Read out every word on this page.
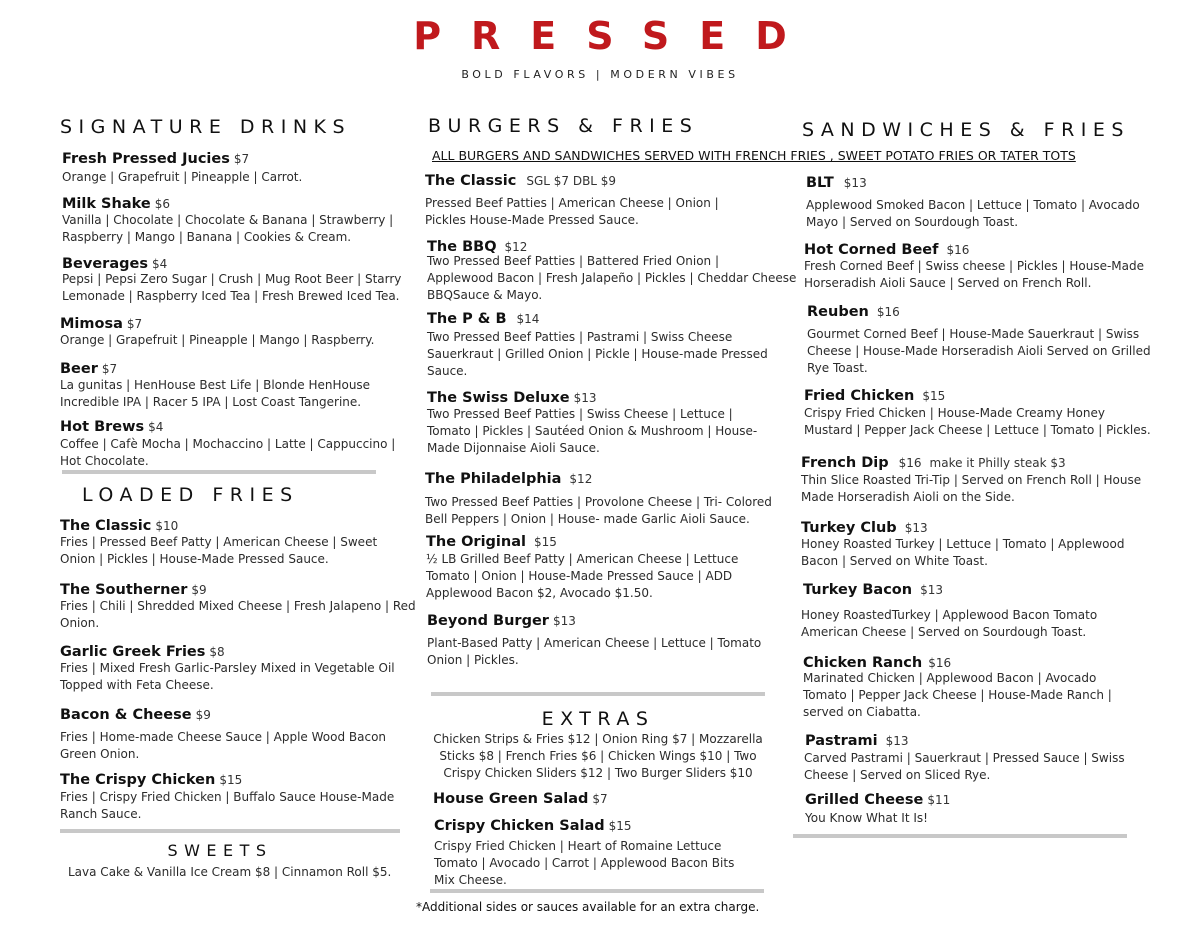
PRESSED
BOLD FLAVORS | MODERN VIBES
SIGNATURE DRINKS
Fresh Pressed Jucies $7
Orange | Grapefruit | Pineapple | Carrot.
Milk Shake $6
Vanilla | Chocolate | Chocolate & Banana | Strawberry |
Raspberry | Mango | Banana | Cookies & Cream.
Beverages $4
Pepsi | Pepsi Zero Sugar | Crush | Mug Root Beer | Starry
Lemonade | Raspberry Iced Tea | Fresh Brewed Iced Tea.
Mimosa $7
Orange | Grapefruit | Pineapple | Mango | Raspberry.
Beer $7
La gunitas | HenHouse Best Life | Blonde HenHouse
Incredible IPA | Racer 5 IPA | Lost Coast Tangerine.
Hot Brews $4
Coffee | Cafѐ Mocha | Mochaccino | Latte | Cappuccino |
Hot Chocolate.
LOADED FRIES
The Classic $10
Fries | Pressed Beef Patty | American Cheese | Sweet
Onion | Pickles | House-Made Pressed Sauce.
The Southerner $9
Fries | Chili | Shredded Mixed Cheese | Fresh Jalapeno | Red
Onion.
Garlic Greek Fries $8
Fries | Mixed Fresh Garlic-Parsley Mixed in Vegetable Oil
Topped with Feta Cheese.
Bacon & Cheese $9
Fries | Home-made Cheese Sauce | Apple Wood Bacon
Green Onion.
The Crispy Chicken $15
Fries | Crispy Fried Chicken | Buffalo Sauce House-Made
Ranch Sauce.
SWEETS
Lava Cake & Vanilla Ice Cream $8 | Cinnamon Roll $5.
BURGERS & FRIES
ALL BURGERS AND SANDWICHES SERVED WITH FRENCH FRIES , SWEET POTATO FRIES OR TATER TOTS
The Classic SGL $7 DBL $9
Pressed Beef Patties | American Cheese | Onion |
Pickles House-Made Pressed Sauce.
The BBQ $12
Two Pressed Beef Patties | Battered Fried Onion |
Applewood Bacon | Fresh Jalapeño | Pickles | Cheddar Cheese
BBQSauce & Mayo.
The P & B $14
Two Pressed Beef Patties | Pastrami | Swiss Cheese
Sauerkraut | Grilled Onion | Pickle | House-made Pressed
Sauce.
The Swiss Deluxe $13
Two Pressed Beef Patties | Swiss Cheese | Lettuce |
Tomato | Pickles | Sautéed Onion & Mushroom | House-
Made Dijonnaise Aioli Sauce.
The Philadelphia $12
Two Pressed Beef Patties | Provolone Cheese | Tri- Colored
Bell Peppers | Onion | House- made Garlic Aioli Sauce.
The Original $15
½ LB Grilled Beef Patty | American Cheese | Lettuce
Tomato | Onion | House-Made Pressed Sauce | ADD
Applewood Bacon $2, Avocado $1.50.
Beyond Burger $13
Plant-Based Patty | American Cheese | Lettuce | Tomato
Onion | Pickles.
EXTRAS
Chicken Strips & Fries $12 | Onion Ring $7 | Mozzarella
Sticks $8 | French Fries $6 | Chicken Wings $10 | Two
Crispy Chicken Sliders $12 | Two Burger Sliders $10
House Green Salad $7
Crispy Chicken Salad $15
Crispy Fried Chicken | Heart of Romaine Lettuce
Tomato | Avocado | Carrot | Applewood Bacon Bits
Mix Cheese.
*Additional sides or sauces available for an extra charge.
SANDWICHES & FRIES
BLT $13
Applewood Smoked Bacon | Lettuce | Tomato | Avocado
Mayo | Served on Sourdough Toast.
Hot Corned Beef $16
Fresh Corned Beef | Swiss cheese | Pickles | House-Made
Horseradish Aioli Sauce | Served on French Roll.
Reuben $16
Gourmet Corned Beef | House-Made Sauerkraut | Swiss
Cheese | House-Made Horseradish Aioli Served on Grilled
Rye Toast.
Fried Chicken $15
Crispy Fried Chicken | House-Made Creamy Honey
Mustard | Pepper Jack Cheese | Lettuce | Tomato | Pickles.
French Dip $16 make it Philly steak $3
Thin Slice Roasted Tri-Tip | Served on French Roll | House
Made Horseradish Aioli on the Side.
Turkey Club $13
Honey Roasted Turkey | Lettuce | Tomato | Applewood
Bacon | Served on White Toast.
Turkey Bacon $13
Honey RoastedTurkey | Applewood Bacon Tomato
American Cheese | Served on Sourdough Toast.
Chicken Ranch $16
Marinated Chicken | Applewood Bacon | Avocado
Tomato | Pepper Jack Cheese | House-Made Ranch |
served on Ciabatta.
Pastrami $13
Carved Pastrami | Sauerkraut | Pressed Sauce | Swiss
Cheese | Served on Sliced Rye.
Grilled Cheese $11
You Know What It Is!
